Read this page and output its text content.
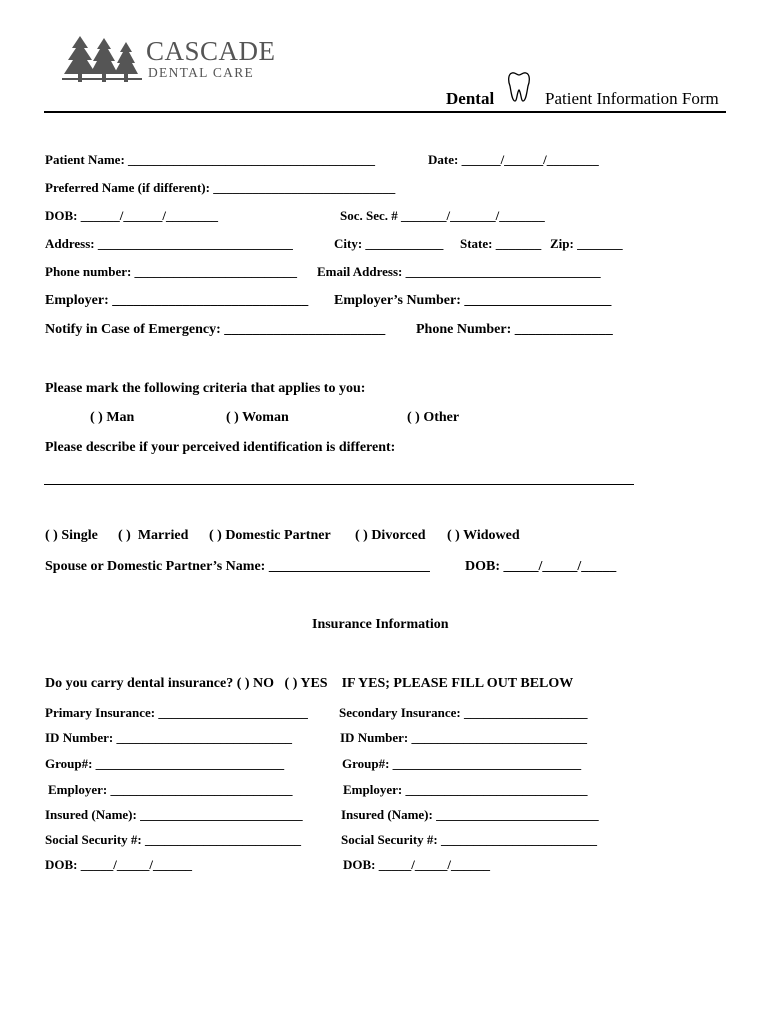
CASCADE
DENTAL CARE
Dental	Patient Information Form
Patient Name: ______________________________________	Date: ______/______/________
Preferred Name (if different): ____________________________
DOB: ______/______/________	Soc. Sec. # _______/_______/_______
Address: ______________________________	City: ____________ State: _______ Zip: _______
Phone number: _________________________ Email Address: ______________________________
Employer: ____________________________ Employer’s Number: _____________________
Notify in Case of Emergency: _______________________ Phone Number: ______________
Please mark the following criteria that applies to you:
( ) Man	( ) Woman	( ) Other
Please describe if your perceived identification is different:
( ) Single ( )  Married ( ) Domestic Partner ( ) Divorced ( ) Widowed
Spouse or Domestic Partner’s Name: _______________________	DOB: _____/_____/_____
Insurance Information
Do you carry dental insurance? ( ) NO   ( ) YES    IF YES; PLEASE FILL OUT BELOW
Primary Insurance: _______________________ Secondary Insurance: ___________________
ID Number: ___________________________	ID Number: ___________________________
Group#: _____________________________	Group#: _____________________________
Employer: ____________________________	Employer: ____________________________
Insured (Name): _________________________	Insured (Name): _________________________
Social Security #: ________________________	Social Security #: ________________________
DOB: _____/_____/______	DOB: _____/_____/______
